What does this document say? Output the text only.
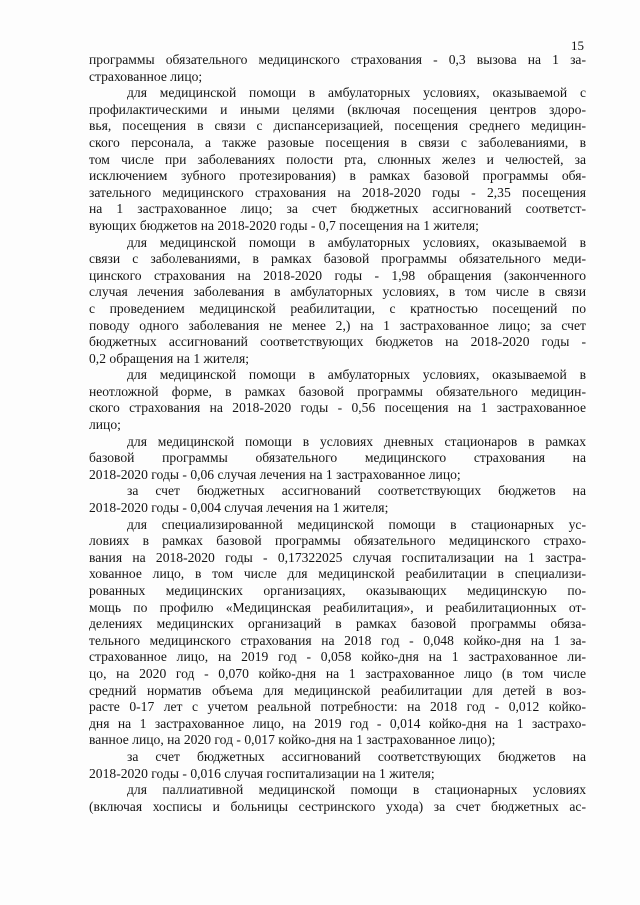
15
программы обязательного медицинского страхования - 0,3 вызова на 1 за-
страхованное лицо;
для медицинской помощи в амбулаторных условиях, оказываемой с
профилактическими и иными целями (включая посещения центров здоро-
вья, посещения в связи с диспансеризацией, посещения среднего медицин-
ского персонала, а также разовые посещения в связи с заболеваниями, в
том числе при заболеваниях полости рта, слюнных желез и челюстей, за
исключением зубного протезирования) в рамках базовой программы обя-
зательного медицинского страхования на 2018-2020 годы - 2,35 посещения
на 1 застрахованное лицо; за счет бюджетных ассигнований соответст-
вующих бюджетов на 2018-2020 годы - 0,7 посещения на 1 жителя;
для медицинской помощи в амбулаторных условиях, оказываемой в
связи с заболеваниями, в рамках базовой программы обязательного меди-
цинского страхования на 2018-2020 годы - 1,98 обращения (законченного
случая лечения заболевания в амбулаторных условиях, в том числе в связи
с проведением медицинской реабилитации, с кратностью посещений по
поводу одного заболевания не менее 2,) на 1 застрахованное лицо; за счет
бюджетных ассигнований соответствующих бюджетов на 2018-2020 годы -
0,2 обращения на 1 жителя;
для медицинской помощи в амбулаторных условиях, оказываемой в
неотложной форме, в рамках базовой программы обязательного медицин-
ского страхования на 2018-2020 годы - 0,56 посещения на 1 застрахованное
лицо;
для медицинской помощи в условиях дневных стационаров в рамках
базовой программы обязательного медицинского страхования на
2018-2020 годы - 0,06 случая лечения на 1 застрахованное лицо;
за счет бюджетных ассигнований соответствующих бюджетов на
2018-2020 годы - 0,004 случая лечения на 1 жителя;
для специализированной медицинской помощи в стационарных ус-
ловиях в рамках базовой программы обязательного медицинского страхо-
вания на 2018-2020 годы - 0,17322025 случая госпитализации на 1 застра-
хованное лицо, в том числе для медицинской реабилитации в специализи-
рованных медицинских организациях, оказывающих медицинскую по-
мощь по профилю «Медицинская реабилитация», и реабилитационных от-
делениях медицинских организаций в рамках базовой программы обяза-
тельного медицинского страхования на 2018 год - 0,048 койко-дня на 1 за-
страхованное лицо, на 2019 год - 0,058 койко-дня на 1 застрахованное ли-
цо, на 2020 год - 0,070 койко-дня на 1 застрахованное лицо (в том числе
средний норматив объема для медицинской реабилитации для детей в воз-
расте 0-17 лет с учетом реальной потребности: на 2018 год - 0,012 койко-
дня на 1 застрахованное лицо, на 2019 год - 0,014 койко-дня на 1 застрахо-
ванное лицо, на 2020 год - 0,017 койко-дня на 1 застрахованное лицо);
за счет бюджетных ассигнований соответствующих бюджетов на
2018-2020 годы - 0,016 случая госпитализации на 1 жителя;
для паллиативной медицинской помощи в стационарных условиях
(включая хосписы и больницы сестринского ухода) за счет бюджетных ас-
